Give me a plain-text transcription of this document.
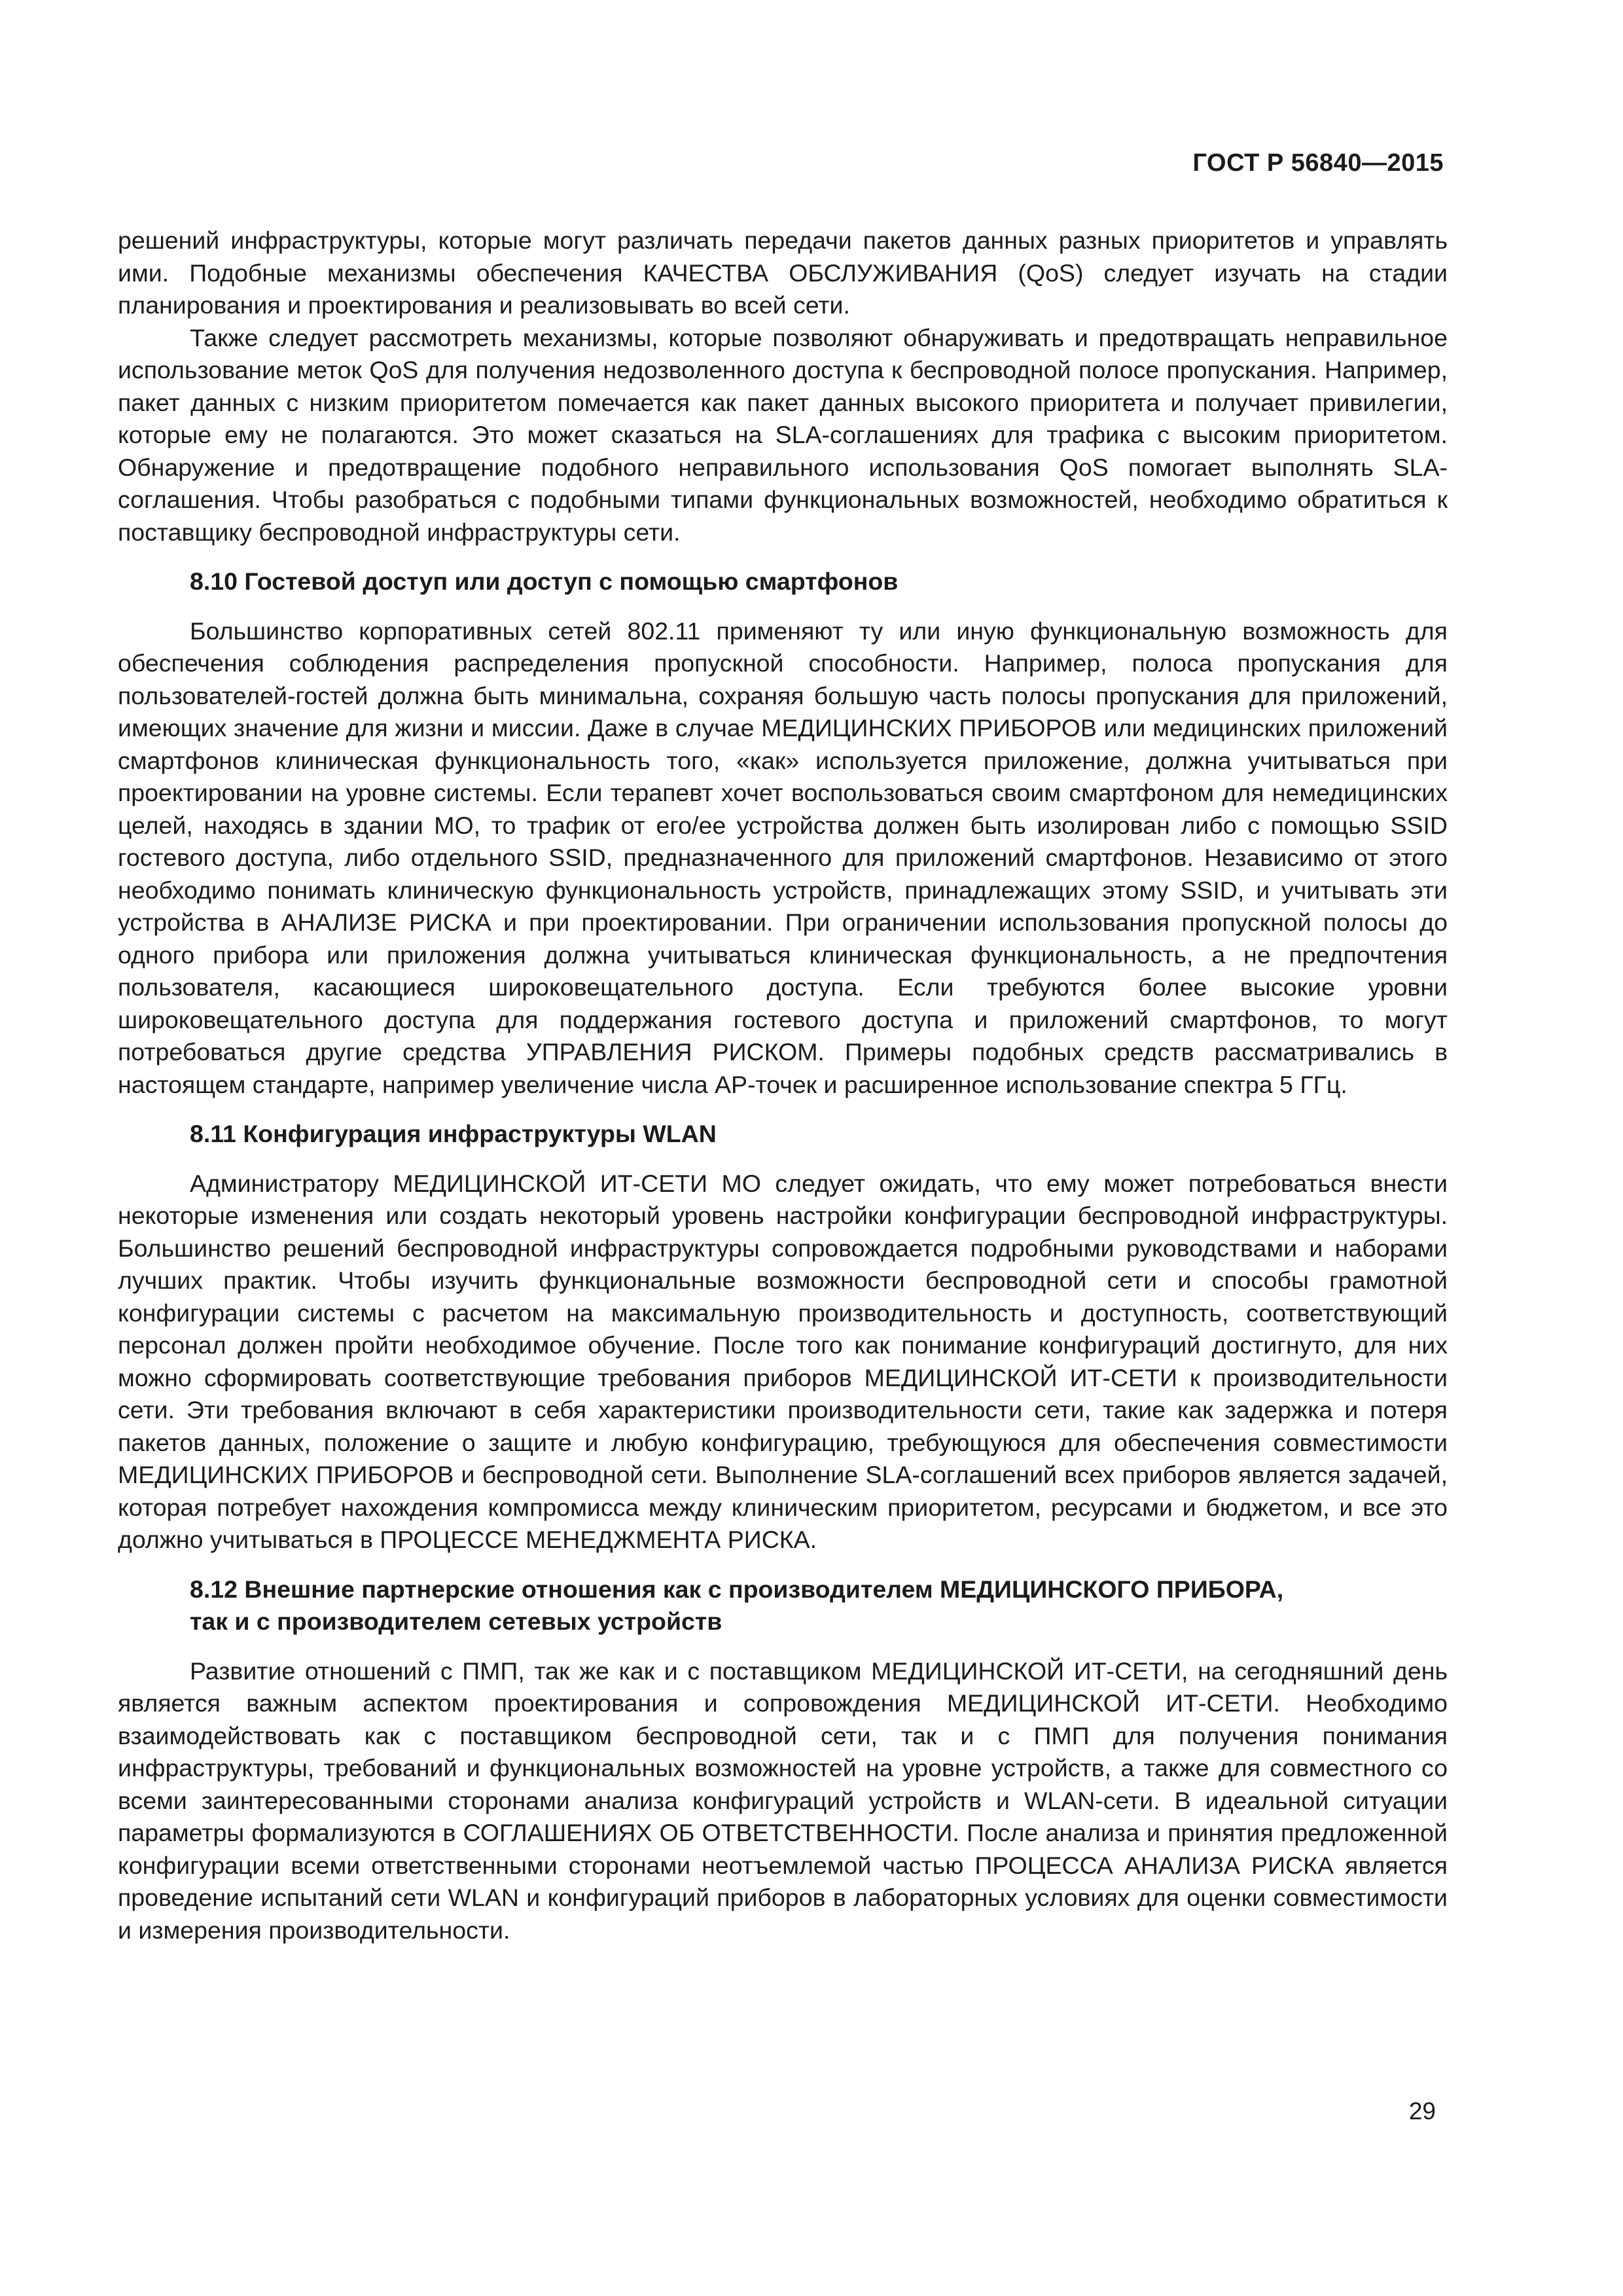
ГОСТ Р 56840—2015

решений инфраструктуры, которые могут различать передачи пакетов данных разных приоритетов и управлять ими. Подобные механизмы обеспечения КАЧЕСТВА ОБСЛУЖИВАНИЯ (QoS) следует изучать на стадии планирования и проектирования и реализовывать во всей сети.

Также следует рассмотреть механизмы, которые позволяют обнаруживать и предотвращать неправильное использование меток QoS для получения недозволенного доступа к беспроводной полосе пропускания. Например, пакет данных с низким приоритетом помечается как пакет данных высокого приоритета и получает привилегии, которые ему не полагаются. Это может сказаться на SLA-соглашениях для трафика с высоким приоритетом. Обнаружение и предотвращение подобного неправильного использования QoS помогает выполнять SLA-соглашения. Чтобы разобраться с подобными типами функциональных возможностей, необходимо обратиться к поставщику беспроводной инфраструктуры сети.

8.10 Гостевой доступ или доступ с помощью смартфонов

Большинство корпоративных сетей 802.11 применяют ту или иную функциональную возможность для обеспечения соблюдения распределения пропускной способности. Например, полоса пропускания для пользователей-гостей должна быть минимальна, сохраняя большую часть полосы пропускания для приложений, имеющих значение для жизни и миссии. Даже в случае МЕДИЦИНСКИХ ПРИБОРОВ или медицинских приложений смартфонов клиническая функциональность того, «как» используется приложение, должна учитываться при проектировании на уровне системы. Если терапевт хочет воспользоваться своим смартфоном для немедицинских целей, находясь в здании МО, то трафик от его/ее устройства должен быть изолирован либо с помощью SSID гостевого доступа, либо отдельного SSID, предназначенного для приложений смартфонов. Независимо от этого необходимо понимать клиническую функциональность устройств, принадлежащих этому SSID, и учитывать эти устройства в АНАЛИЗЕ РИСКА и при проектировании. При ограничении использования пропускной полосы до одного прибора или приложения должна учитываться клиническая функциональность, а не предпочтения пользователя, касающиеся широковещательного доступа. Если требуются более высокие уровни широковещательного доступа для поддержания гостевого доступа и приложений смартфонов, то могут потребоваться другие средства УПРАВЛЕНИЯ РИСКОМ. Примеры подобных средств рассматривались в настоящем стандарте, например увеличение числа АР-точек и расширенное использование спектра 5 ГГц.

8.11 Конфигурация инфраструктуры WLAN

Администратору МЕДИЦИНСКОЙ ИТ-СЕТИ МО следует ожидать, что ему может потребоваться внести некоторые изменения или создать некоторый уровень настройки конфигурации беспроводной инфраструктуры. Большинство решений беспроводной инфраструктуры сопровождается подробными руководствами и наборами лучших практик. Чтобы изучить функциональные возможности беспроводной сети и способы грамотной конфигурации системы с расчетом на максимальную производительность и доступность, соответствующий персонал должен пройти необходимое обучение. После того как понимание конфигураций достигнуто, для них можно сформировать соответствующие требования приборов МЕДИЦИНСКОЙ ИТ-СЕТИ к производительности сети. Эти требования включают в себя характеристики производительности сети, такие как задержка и потеря пакетов данных, положение о защите и любую конфигурацию, требующуюся для обеспечения совместимости МЕДИЦИНСКИХ ПРИБОРОВ и беспроводной сети. Выполнение SLA-соглашений всех приборов является задачей, которая потребует нахождения компромисса между клиническим приоритетом, ресурсами и бюджетом, и все это должно учитываться в ПРОЦЕССЕ МЕНЕДЖМЕНТА РИСКА.

8.12 Внешние партнерские отношения как с производителем МЕДИЦИНСКОГО ПРИБОРА,
так и с производителем сетевых устройств

Развитие отношений с ПМП, так же как и с поставщиком МЕДИЦИНСКОЙ ИТ-СЕТИ, на сегодняшний день является важным аспектом проектирования и сопровождения МЕДИЦИНСКОЙ ИТ-СЕТИ. Необходимо взаимодействовать как с поставщиком беспроводной сети, так и с ПМП для получения понимания инфраструктуры, требований и функциональных возможностей на уровне устройств, а также для совместного со всеми заинтересованными сторонами анализа конфигураций устройств и WLAN-сети. В идеальной ситуации параметры формализуются в СОГЛАШЕНИЯХ ОБ ОТВЕТСТВЕННОСТИ. После анализа и принятия предложенной конфигурации всеми ответственными сторонами неотъемлемой частью ПРОЦЕССА АНАЛИЗА РИСКА является проведение испытаний сети WLAN и конфигураций приборов в лабораторных условиях для оценки совместимости и измерения производительности.

29
